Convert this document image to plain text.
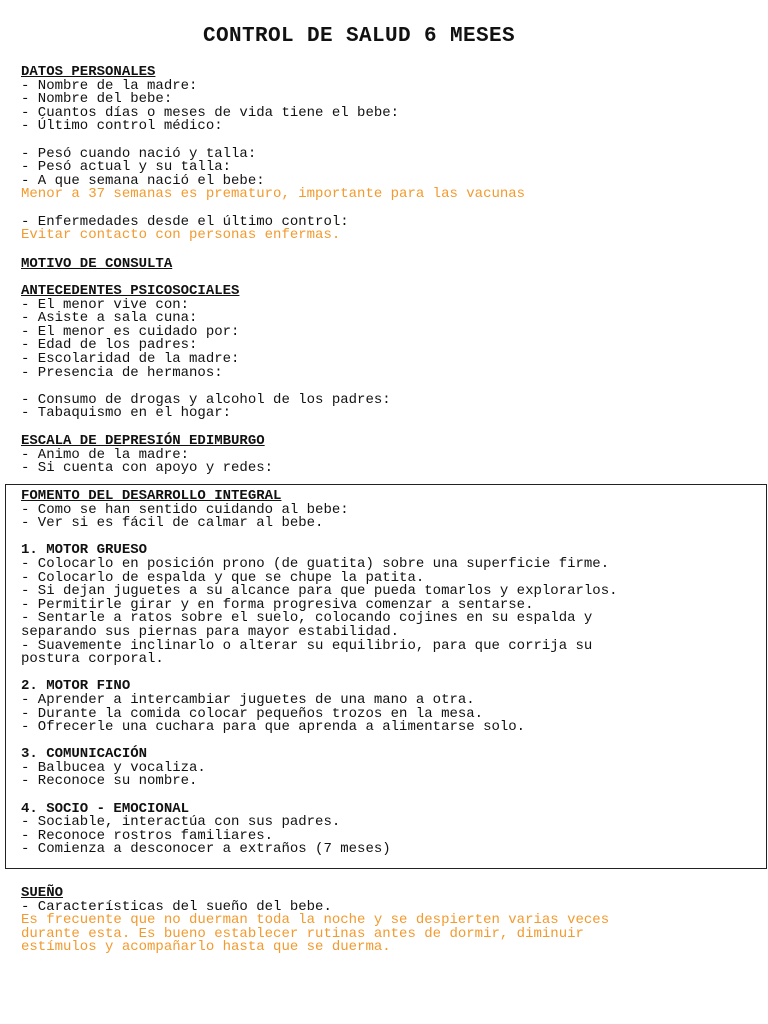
CONTROL DE SALUD 6 MESES
DATOS PERSONALES
- Nombre de la madre:
- Nombre del bebe:
- Cuantos días o meses de vida tiene el bebe:
- Último control médico:
- Pesó cuando nació y talla:
- Pesó actual y su talla:
- A que semana nació el bebe:
Menor a 37 semanas es prematuro, importante para las vacunas
- Enfermedades desde el último control:
Evitar contacto con personas enfermas.
MOTIVO DE CONSULTA
ANTECEDENTES PSICOSOCIALES
- El menor vive con:
- Asiste a sala cuna:
- El menor es cuidado por:
- Edad de los padres:
- Escolaridad de la madre:
- Presencia de hermanos:
- Consumo de drogas y alcohol de los padres:
- Tabaquismo en el hogar:
ESCALA DE DEPRESIÓN EDIMBURGO
- Animo de la madre:
- Si cuenta con apoyo y redes:
FOMENTO DEL DESARROLLO INTEGRAL
- Como se han sentido cuidando al bebe:
- Ver si es fácil de calmar al bebe.
1. MOTOR GRUESO
- Colocarlo en posición prono (de guatita) sobre una superficie firme.
- Colocarlo de espalda y que se chupe la patita.
- Si dejan juguetes a su alcance para que pueda tomarlos y explorarlos.
- Permitirle girar y en forma progresiva comenzar a sentarse.
- Sentarle a ratos sobre el suelo, colocando cojines en su espalda y
separando sus piernas para mayor estabilidad.
- Suavemente inclinarlo o alterar su equilibrio, para que corrija su
postura corporal.
2. MOTOR FINO
- Aprender a intercambiar juguetes de una mano a otra.
- Durante la comida colocar pequeños trozos en la mesa.
- Ofrecerle una cuchara para que aprenda a alimentarse solo.
3. COMUNICACIÓN
- Balbucea y vocaliza.
- Reconoce su nombre.
4. SOCIO - EMOCIONAL
- Sociable, interactúa con sus padres.
- Reconoce rostros familiares.
- Comienza a desconocer a extraños (7 meses)
SUEÑO
- Características del sueño del bebe.
Es frecuente que no duerman toda la noche y se despierten varias veces
durante esta. Es bueno establecer rutinas antes de dormir, diminuir
estímulos y acompañarlo hasta que se duerma.
